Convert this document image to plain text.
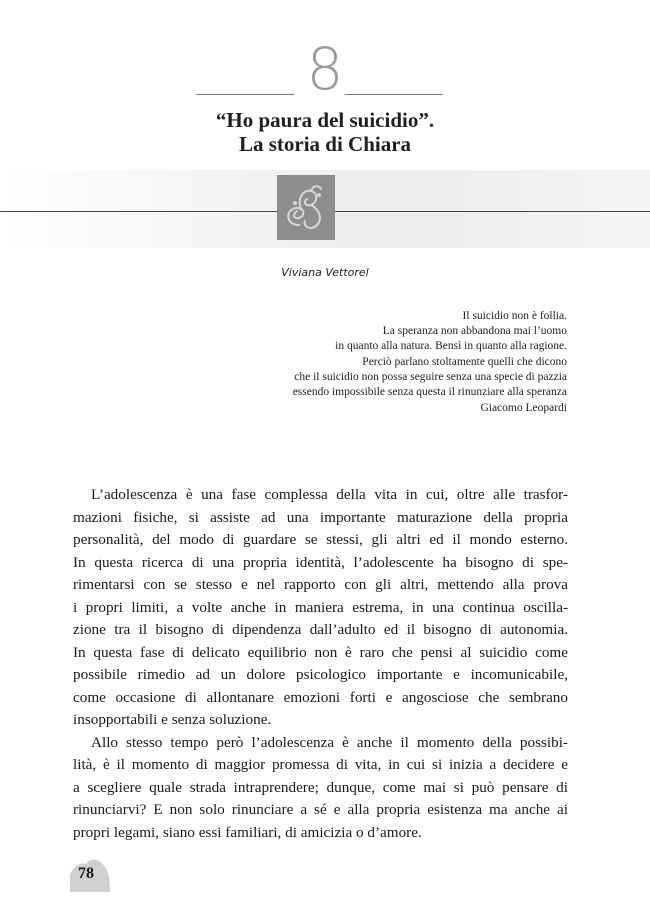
8
“Ho paura del suicidio”.
La storia di Chiara
Viviana Vettorel
Il suicidio non è follia.
La speranza non abbandona mai l’uomo
in quanto alla natura. Bensì in quanto alla ragione.
Perciò parlano stoltamente quelli che dicono
che il suicidio non possa seguire senza una specie di pazzia
essendo impossibile senza questa il rinunziare alla speranza
Giacomo Leopardi
L’adolescenza è una fase complessa della vita in cui, oltre alle trasfor-
mazioni fisiche, si assiste ad una importante maturazione della propria
personalità, del modo di guardare se stessi, gli altri ed il mondo esterno.
In questa ricerca di una propria identità, l’adolescente ha bisogno di spe-
rimentarsi con se stesso e nel rapporto con gli altri, mettendo alla prova
i propri limiti, a volte anche in maniera estrema, in una continua oscilla-
zione tra il bisogno di dipendenza dall’adulto ed il bisogno di autonomia.
In questa fase di delicato equilibrio non è raro che pensi al suicidio come
possibile rimedio ad un dolore psicologico importante e incomunicabile,
come occasione di allontanare emozioni forti e angosciose che sembrano
insopportabili e senza soluzione.
Allo stesso tempo però l’adolescenza è anche il momento della possibi-
lità, è il momento di maggior promessa di vita, in cui si inizia a decidere e
a scegliere quale strada intraprendere; dunque, come mai si può pensare di
rinunciarvi? E non solo rinunciare a sé e alla propria esistenza ma anche ai
propri legami, siano essi familiari, di amicizia o d’amore.
78
